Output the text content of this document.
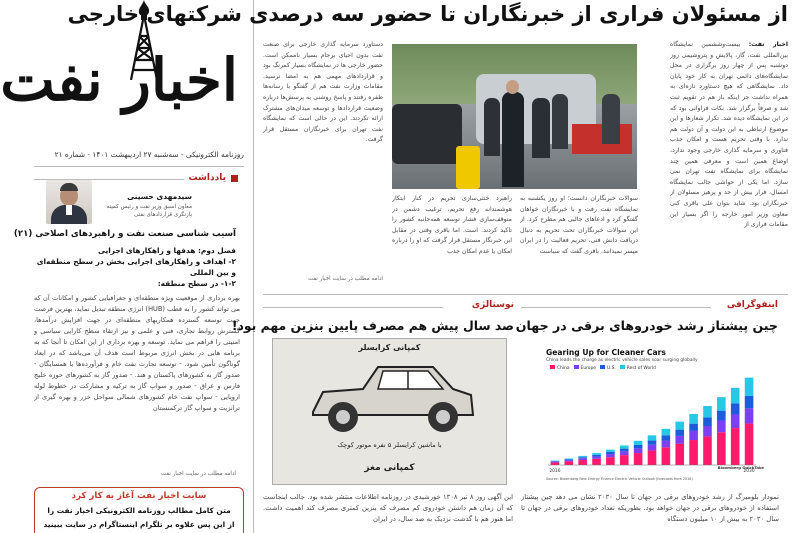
اخبار نفت
روزنامه الکترونیکی - سه‌شنبه ۲۷ اردیبهشت ۱۴۰۱ - شماره ۲۱
یادداشت
سیدمهدی حسینی
معاون اسبق وزیر نفت و رئیس کمیته بازنگری قراردادهای نفتی
آسیب شناسی صنعت نفت و راهبردهای اصلاحی (۲۱)
فصل دوم: هدفها و راهکارهای اجرایی
۲- اهداف و راهکارهای اجرایی بخش در سطح منطقه‌ای و بین المللی
۱-۲- در سطح منطقه:
بهره برداری از موقعیت ویژه منطقه‌ای و جغرافیایی کشور و امکانات آن که می تواند کشور را به قطب (HUB) انرژی منطقه تبدیل نماید، بهترین فرصت جهت توسعه گسترده همکاریهای منطقه‌ای در جهت افزایش درآمدها، گسترش روابط تجاری، فنی و علمی و نیز ارتقاء سطح کارایی سیاسی و امنیتی را فراهم می نماید. توسعه و بهره برداری از این امکان تا آنجا که به برنامه هایی در بخش انرژی مربوط است هدف آن می‌باشد که در ابعاد گوناگون تأمین شود. - توسعه تجارت نفت خام و فرآورده‌ها با همسایگان - صدور گاز به کشورهای پاکستان و هند. - صدور گاز به کشورهای حوزه خلیج فارس و عراق - صدور و سواپ گاز به ترکیه و مشارکت در خطوط لوله اروپایی - سواپ نفت خام کشورهای شمالی سواحل خزر و بهره گیری از ترانزیت و سواپ گاز ترکمنستان
ادامه مطلب در سایت اخبار نفت
سایت اخبار نفت آغاز به کار کرد
متن کامل مطالب روزنامه الکترونیکی اخبار نفت را
از این پس علاوه بر تلگرام اینستاگرام در سایت ببینید
از مسئولان فراری از خبرنگاران تا حضور سه درصدی شرکتهای خارجی
اخبار نفت: بیست‌وششمین نمایشگاه بین‌المللی نفت، گاز، پالایش و پتروشیمی روز دوشنبه پس از چهار روز برگزاری در محل نمایشگاه‌های دائمی تهران به کار خود پایان داد. نمایشگاهی که هیچ دستاورد تازه‌ای به همراه نداشت جز اینکه باز هم در تقویم ثبت شد و صرفاً برگزار شد. نکات فراوانی بود که در این نمایشگاه دیده شد. تکرار شعارها و این موضوع ارتباطی به این دولت و آن دولت هم ندارد. با وقتی تحریم هست و امکان جذب فناوری و سرمایه گذاری خارجی وجود ندارد، اوضاع همین است و معرفی همین چند نمایشگاه برای نمایشگاه نفت تهران نمی سازد. اما یکی از حواشی جالب نمایشگاه امسال، فرار بیش از حد و پرهیز مسئولان از خبرنگاران بود. شاید بتوان علی باقری کنی معاون وزیر امور خارجه را اگر بسیار این مقامات فراری از
دستاورد سرمایه گذاری خارجی برای صنعت نفت بدون احیای برجام بسیار ناممکن است. حضور خارجی ها در نمایشگاه بسیار کمرنگ بود و قراردادهای مهمی هم به امضا نرسید. مقامات وزارت نفت هم از گفتگو با رسانه‌ها طفره رفتند و پاسخ روشنی به پرسش‌ها درباره وضعیت قراردادها و توسعه میدان‌های مشترک ارائه نکردند. این در حالی است که نمایشگاه نفت تهران برای خبرنگاران مستقل قرار گرفت.
ادامه مطلب در سایت اخبار نفت
سوالات خبرنگاران دانست؛ او روز یکشنبه به نمایشگاه نفت رفت و با خبرنگاران خواهان گفتگو کرد و ادعاهای جالبی هم مطرح کرد. از این سوالات خبرنگاران تحت تحریم به دنبال دریافت دانش فنی، تحریم فعالیت را در ایران میسر نمیدانند. باقری گفت که سیاست
راهبرد خنثی‌سازی تحریم در کنار ابتکار هوشمندانه رفع تحریم، ترغیب دشمن در متوقف‌سازی فشار توسعه همه‌جانبه کشور را تاکید کردند. است. اما باقری وقتی در مقابل این خبرنگار مستقل قرار گرفت که او را درباره امکان یا عدم امکان جذب
نوستالژی
صد سال پیش هم مصرف پایین بنزین مهم بود!
کمپانی کرایسلر
با ماشین کرایسلر ۵ نفره موتور کوچک
کمپانی مغز
این آگهی روز ۸ تیر ۱۳۰۸ خورشیدی در روزنامه اطلاعات منتشر شده بود. جالب اینجاست که آن زمان هم داشتن خودروی کم مصرف که بنزین کمتری مصرف کند اهمیت داشت. اما هنوز هم با گذشت نزدیک به صد سال، در ایران
اینفوگرافی
چین پیشتاز رشد خودروهای برقی در جهان
Gearing Up for Cleaner Cars
China leads the charge as electric vehicle sales soar surging globally
China	Europe	U.S.	Rest of World
2016	2030
Source: Bloomberg New Energy Finance Electric Vehicle Outlook (forecasts from 2016)
Bloomberg QuickTake
نمودار بلومبرگ از رشد خودروهای برقی در جهان تا سال ۲۰۳۰ نشان می دهد چین پیشتاز استفاده از خودروهای برقی در جهان خواهد بود. بطوریکه تعداد خودروهای برقی در جهان تا سال ۲۰۳۰ به بیش از ۱۰ میلیون دستگاه
